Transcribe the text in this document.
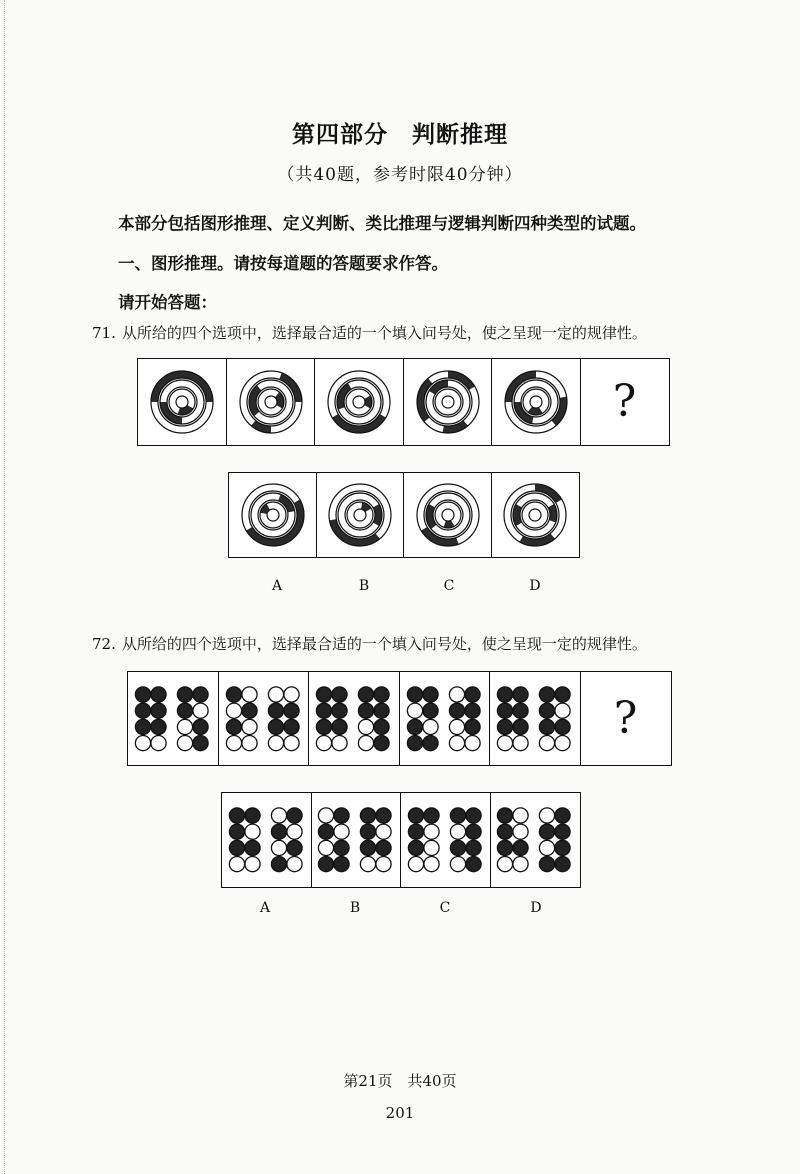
第四部分　判断推理
（共40题，参考时限40分钟）
本部分包括图形推理、定义判断、类比推理与逻辑判断四种类型的试题。
一、图形推理。请按每道题的答题要求作答。
请开始答题：
71. 从所给的四个选项中，选择最合适的一个填入问号处，使之呈现一定的规律性。
?
A	B	C	D
72. 从所给的四个选项中，选择最合适的一个填入问号处，使之呈现一定的规律性。
?
A	B	C	D
第21页　共40页
201
